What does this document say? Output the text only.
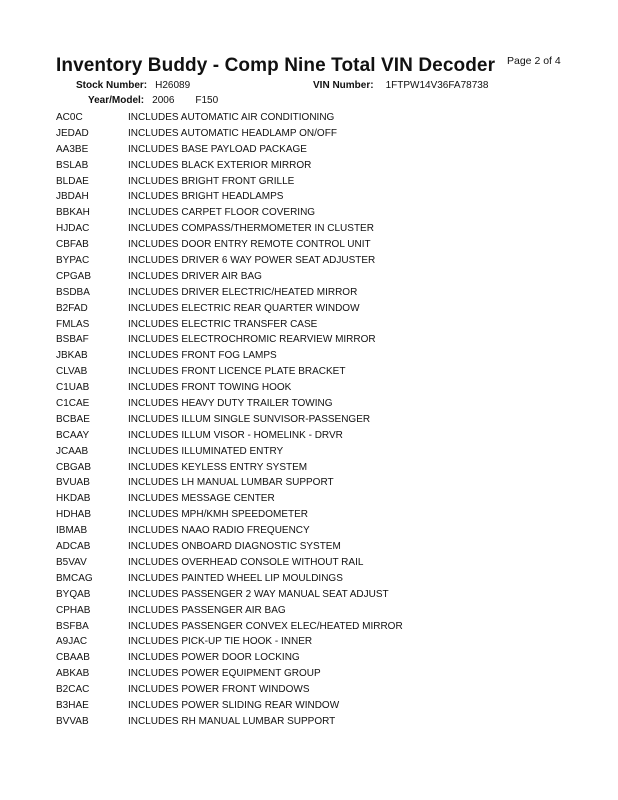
Inventory Buddy - Comp Nine Total VIN Decoder Page 2 of 4
Stock Number: H26089	VIN Number: 1FTPW14V36FA78738
Year/Model: 2006 F150
AC0C	INCLUDES AUTOMATIC AIR CONDITIONING
JEDAD	INCLUDES AUTOMATIC HEADLAMP ON/OFF
AA3BE	INCLUDES BASE PAYLOAD PACKAGE
BSLAB	INCLUDES BLACK EXTERIOR MIRROR
BLDAE	INCLUDES BRIGHT FRONT GRILLE
JBDAH	INCLUDES BRIGHT HEADLAMPS
BBKAH	INCLUDES CARPET FLOOR COVERING
HJDAC	INCLUDES COMPASS/THERMOMETER IN CLUSTER
CBFAB	INCLUDES DOOR ENTRY REMOTE CONTROL UNIT
BYPAC	INCLUDES DRIVER 6 WAY POWER SEAT ADJUSTER
CPGAB	INCLUDES DRIVER AIR BAG
BSDBA	INCLUDES DRIVER ELECTRIC/HEATED MIRROR
B2FAD	INCLUDES ELECTRIC REAR QUARTER WINDOW
FMLAS	INCLUDES ELECTRIC TRANSFER CASE
BSBAF	INCLUDES ELECTROCHROMIC REARVIEW MIRROR
JBKAB	INCLUDES FRONT FOG LAMPS
CLVAB	INCLUDES FRONT LICENCE PLATE BRACKET
C1UAB	INCLUDES FRONT TOWING HOOK
C1CAE	INCLUDES HEAVY DUTY TRAILER TOWING
BCBAE	INCLUDES ILLUM SINGLE SUNVISOR-PASSENGER
BCAAY	INCLUDES ILLUM VISOR - HOMELINK - DRVR
JCAAB	INCLUDES ILLUMINATED ENTRY
CBGAB	INCLUDES KEYLESS ENTRY SYSTEM
BVUAB	INCLUDES LH MANUAL LUMBAR SUPPORT
HKDAB	INCLUDES MESSAGE CENTER
HDHAB	INCLUDES MPH/KMH SPEEDOMETER
IBMAB	INCLUDES NAAO RADIO FREQUENCY
ADCAB	INCLUDES ONBOARD DIAGNOSTIC SYSTEM
B5VAV	INCLUDES OVERHEAD CONSOLE WITHOUT RAIL
BMCAG	INCLUDES PAINTED WHEEL LIP MOULDINGS
BYQAB	INCLUDES PASSENGER 2 WAY MANUAL SEAT ADJUST
CPHAB	INCLUDES PASSENGER AIR BAG
BSFBA	INCLUDES PASSENGER CONVEX ELEC/HEATED MIRROR
A9JAC	INCLUDES PICK-UP TIE HOOK - INNER
CBAAB	INCLUDES POWER DOOR LOCKING
ABKAB	INCLUDES POWER EQUIPMENT GROUP
B2CAC	INCLUDES POWER FRONT WINDOWS
B3HAE	INCLUDES POWER SLIDING REAR WINDOW
BVVAB	INCLUDES RH MANUAL LUMBAR SUPPORT
